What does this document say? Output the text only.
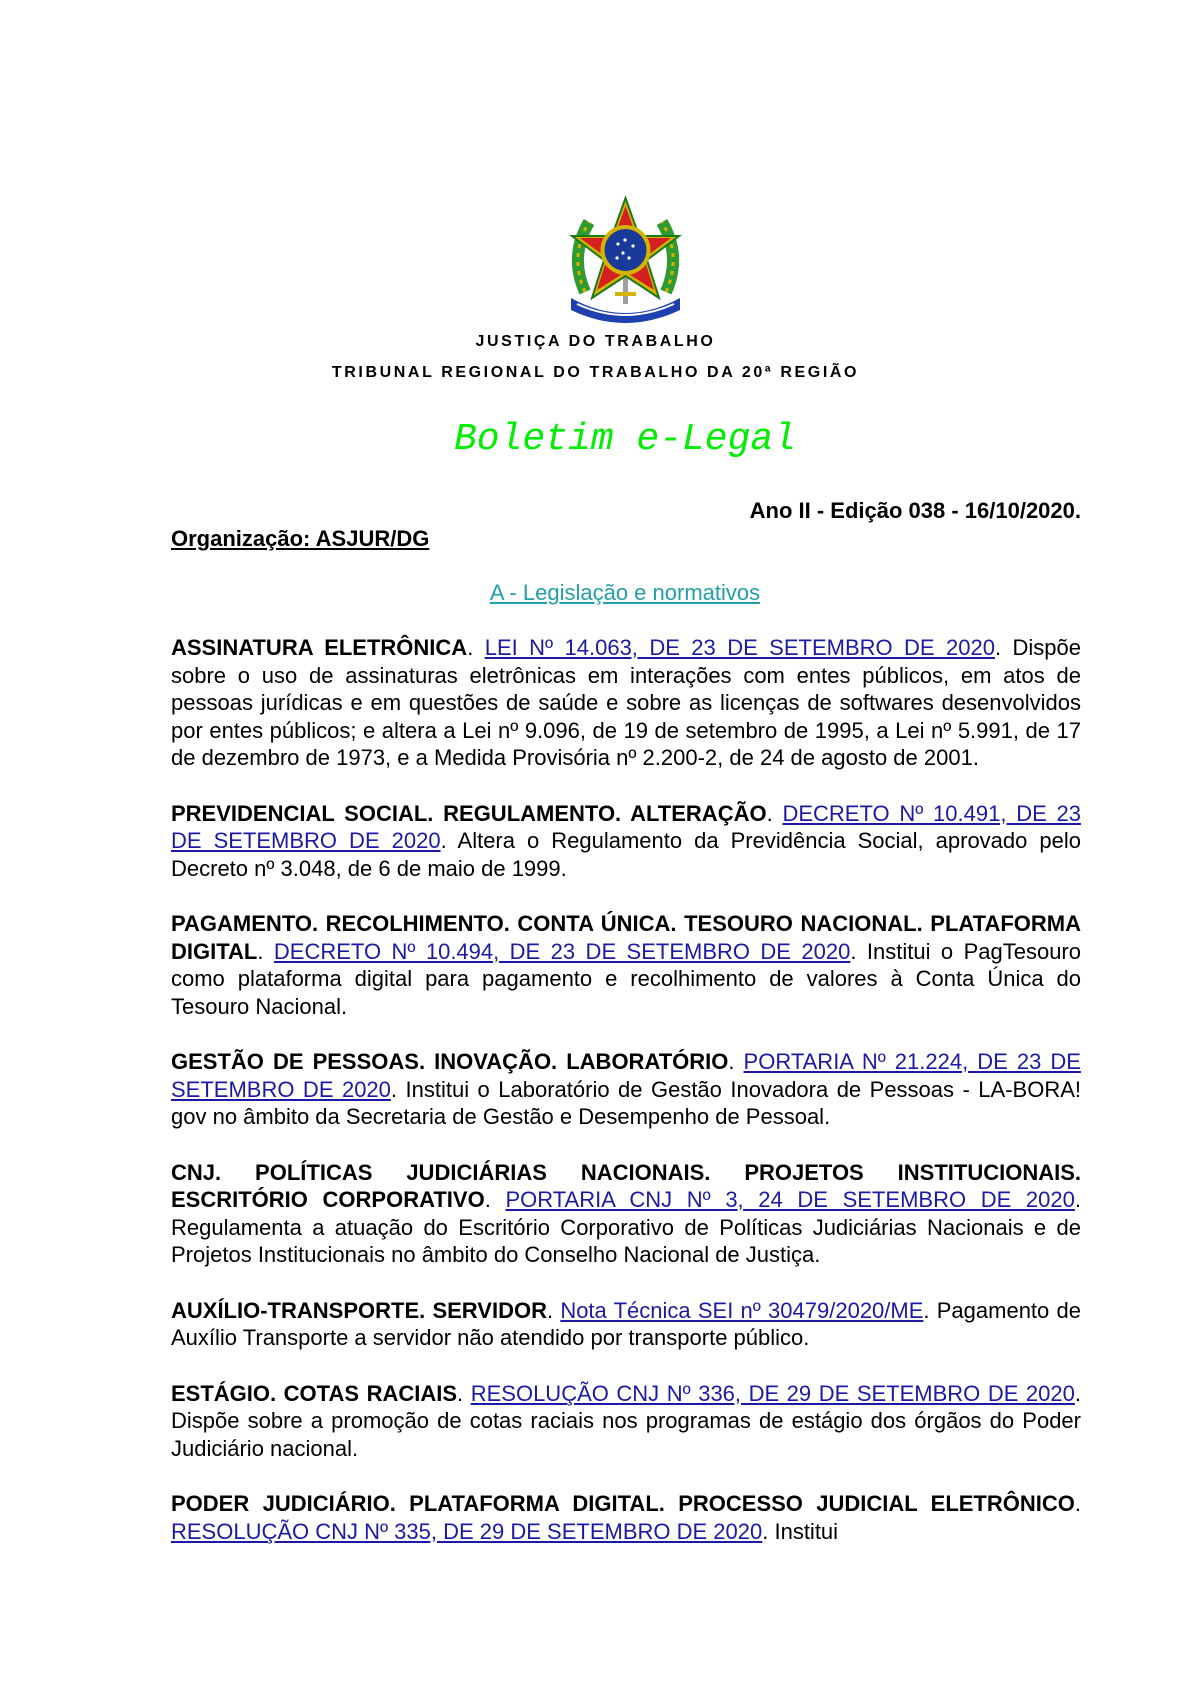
JUSTIÇA DO TRABALHO
TRIBUNAL REGIONAL DO TRABALHO DA 20ª REGIÃO
Boletim e-Legal
Ano II - Edição 038 - 16/10/2020.
Organização: ASJUR/DG
A - Legislação e normativos

ASSINATURA ELETRÔNICA. LEI Nº 14.063, DE 23 DE SETEMBRO DE 2020. Dispõe sobre o uso de assinaturas eletrônicas em interações com entes públicos, em atos de pessoas jurídicas e em questões de saúde e sobre as licenças de softwares desenvolvidos por entes públicos; e altera a Lei nº 9.096, de 19 de setembro de 1995, a Lei nº 5.991, de 17 de dezembro de 1973, e a Medida Provisória nº 2.200-2, de 24 de agosto de 2001.

PREVIDENCIAL SOCIAL. REGULAMENTO. ALTERAÇÃO. DECRETO Nº 10.491, DE 23 DE SETEMBRO DE 2020. Altera o Regulamento da Previdência Social, aprovado pelo Decreto nº 3.048, de 6 de maio de 1999.

PAGAMENTO. RECOLHIMENTO. CONTA ÚNICA. TESOURO NACIONAL. PLATAFORMA DIGITAL. DECRETO Nº 10.494, DE 23 DE SETEMBRO DE 2020. Institui o PagTesouro como plataforma digital para pagamento e recolhimento de valores à Conta Única do Tesouro Nacional.

GESTÃO DE PESSOAS. INOVAÇÃO. LABORATÓRIO. PORTARIA Nº 21.224, DE 23 DE SETEMBRO DE 2020. Institui o Laboratório de Gestão Inovadora de Pessoas - LA-BORA! gov no âmbito da Secretaria de Gestão e Desempenho de Pessoal.

CNJ. POLÍTICAS JUDICIÁRIAS NACIONAIS. PROJETOS INSTITUCIONAIS. ESCRITÓRIO CORPORATIVO. PORTARIA CNJ Nº 3, 24 DE SETEMBRO DE 2020. Regulamenta a atuação do Escritório Corporativo de Políticas Judiciárias Nacionais e de Projetos Institucionais no âmbito do Conselho Nacional de Justiça.

AUXÍLIO-TRANSPORTE. SERVIDOR. Nota Técnica SEI nº 30479/2020/ME. Pagamento de Auxílio Transporte a servidor não atendido por transporte público.

ESTÁGIO. COTAS RACIAIS. RESOLUÇÃO CNJ Nº 336, DE 29 DE SETEMBRO DE 2020. Dispõe sobre a promoção de cotas raciais nos programas de estágio dos órgãos do Poder Judiciário nacional.

PODER JUDICIÁRIO. PLATAFORMA DIGITAL. PROCESSO JUDICIAL ELETRÔNICO. RESOLUÇÃO CNJ Nº 335, DE 29 DE SETEMBRO DE 2020. Institui
